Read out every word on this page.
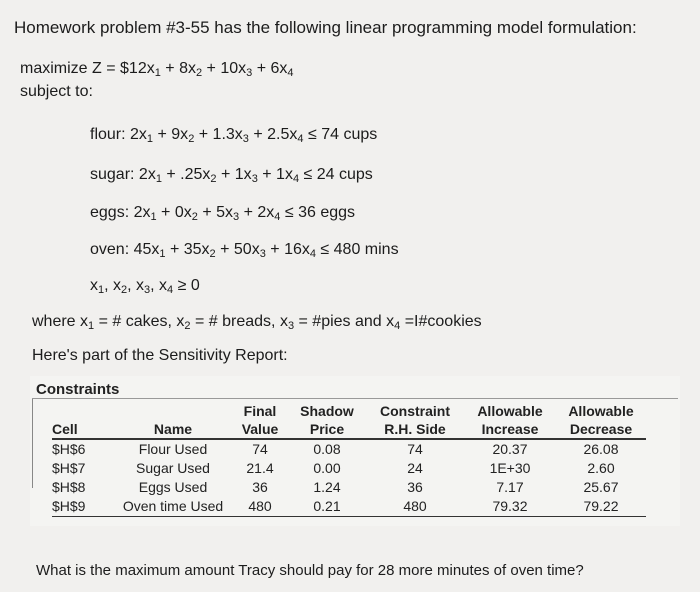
Homework problem #3-55 has the following linear programming model formulation:
maximize $Z = \$12x_1 + 8x_2 + 10x_3 + 6x_4$
subject to:
flour: $2x_1 + 9x_2 + 1.3x_3 + 2.5x_4 \le 74$ cups
sugar: $2x_1 + .25x_2 + 1x_3 + 1x_4 \le 24$ cups
eggs: $2x_1 + 0x_2 + 5x_3 + 2x_4 \le 36$ eggs
oven: $45x_1 + 35x_2 + 50x_3 + 16x_4 \le 480$ mins
$x_1$, $x_2$, $x_3$, $x_4 \ge 0$
where $x_1$ = # cakes, $x_2$ = # breads, $x_3$ = #pies and $x_4$ =I#cookies
Here's part of the Sensitivity Report:
Constraints
		Final	Shadow	Constraint	Allowable	Allowable
Cell	Name	Value	Price	R.H. Side	Increase	Decrease
$H$6	Flour Used	74	0.08	74	20.37	26.08
$H$7	Sugar Used	21.4	0.00	24	1E+30	2.60
$H$8	Eggs Used	36	1.24	36	7.17	25.67
$H$9	Oven time Used	480	0.21	480	79.32	79.22
What is the maximum amount Tracy should pay for 28 more minutes of oven time?
